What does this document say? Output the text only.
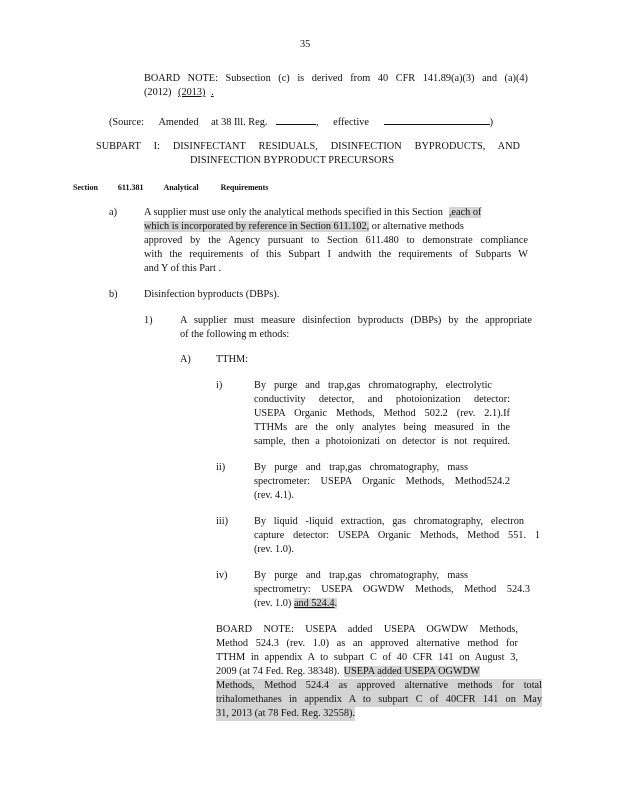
35
BOARD NOTE: Subsection (c) is derived from 40 CFR 141.89(a)(3) and (a)(4)
(2012) (2013) .
(Source: Amended at 38 Ill. Reg.	, effective	)
SUBPART I: DISINFECTANT RESIDUALS, DISINFECTION BYPRODUCTS, AND
DISINFECTION BYPRODUCT PRECURSORS
Section	611.381	Analytical	Requirements
a)	A supplier must use only the analytical methods specified in this Section ,each of
which is incorporated by reference in Section 611.102, or alternative methods
approved by the Agency pursuant to Section 611.480 to demonstrate compliance
with the requirements of this Subpart I andwith the requirements of Subparts W
and Y of this Part .
b)	Disinfection byproducts (DBPs).
1)	A supplier must measure disinfection byproducts (DBPs) by the appropriate
of the following m ethods:
A) TTHM:
i)	By purge and trap,gas chromatography, electrolytic
conductivity detector, and photoionization detector:
USEPA Organic Methods, Method 502.2 (rev. 2.1).If
TTHMs are the only analytes being measured in the
sample, then a photoionizati on detector is not required.
ii)	By purge and trap,gas chromatography, mass
spectrometer: USEPA Organic Methods, Method524.2
(rev. 4.1).
iii)	By liquid -liquid extraction, gas chromatography, electron
capture detector: USEPA Organic Methods, Method 551. 1
(rev. 1.0).
iv)	By purge and trap,gas chromatography, mass
spectrometry: USEPA OGWDW Methods, Method 524.3
(rev. 1.0) and 524.4.
BOARD NOTE: USEPA added USEPA OGWDW Methods,
Method 524.3 (rev. 1.0) as an approved alternative method for
TTHM in appendix A to subpart C of 40 CFR 141 on August 3,
2009 (at 74 Fed. Reg. 38348). USEPA added USEPA OGWDW
Methods, Method 524.4 as approved alternative methods for total
trihalomethanes in appendix A to subpart C of 40CFR 141 on May
31, 2013 (at 78 Fed. Reg. 32558).
